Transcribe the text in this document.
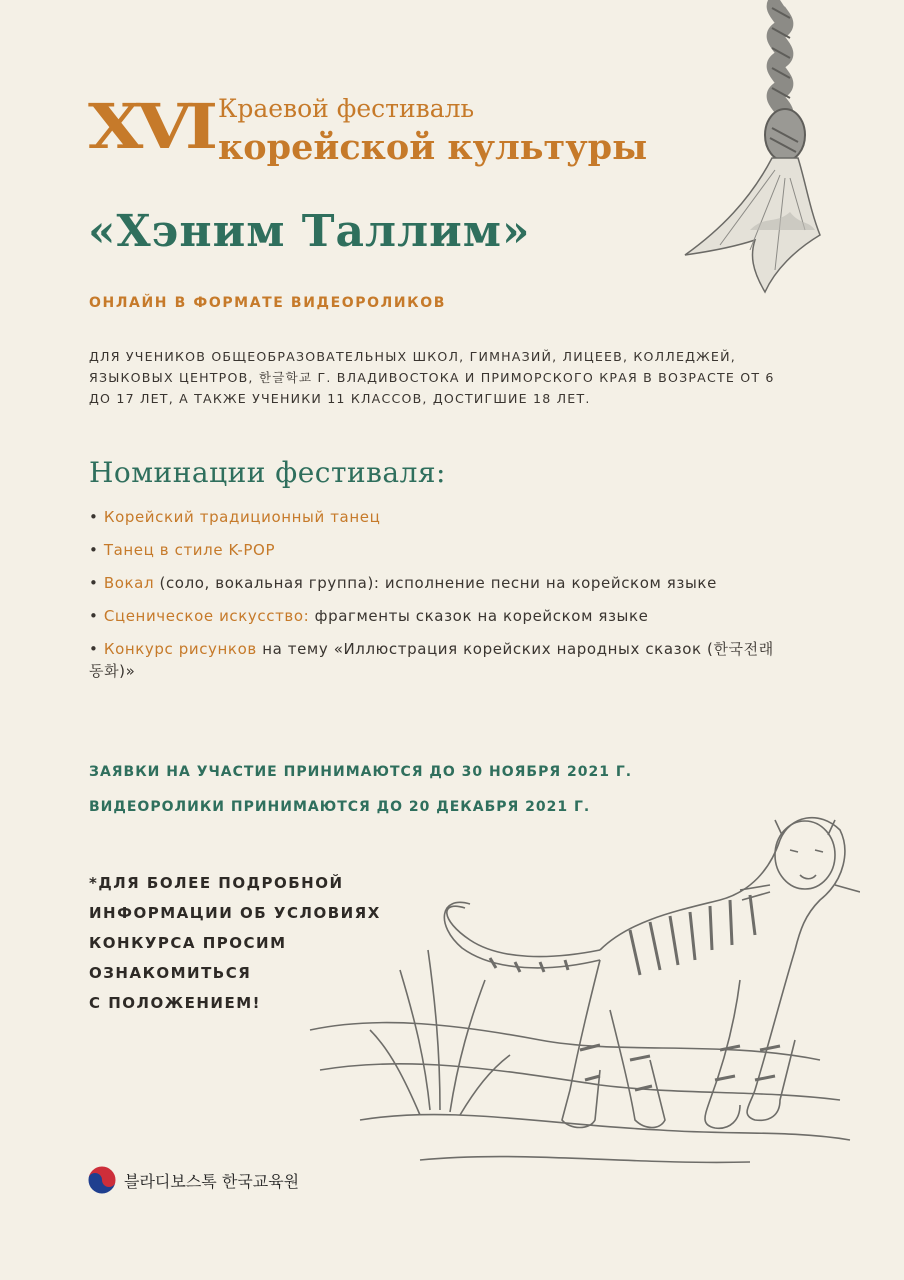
XVI Краевой фестиваль
корейской культуры
«Хэним Таллим»
ОНЛАЙН В ФОРМАТЕ ВИДЕОРОЛИКОВ
ДЛЯ УЧЕНИКОВ ОБЩЕОБРАЗОВАТЕЛЬНЫХ ШКОЛ, ГИМНАЗИЙ, ЛИЦЕЕВ, КОЛЛЕДЖЕЙ, ЯЗЫКОВЫХ ЦЕНТРОВ, 한글학교 Г. ВЛАДИВОСТОКА И ПРИМОРСКОГО КРАЯ В ВОЗРАСТЕ ОТ 6 ДО 17 ЛЕТ, А ТАКЖЕ УЧЕНИКИ 11 КЛАССОВ, ДОСТИГШИЕ 18 ЛЕТ.
Номинации фестиваля:
• Корейский традиционный танец
• Танец в стиле K-POP
• Вокал (соло, вокальная группа): исполнение песни на корейском языке
• Сценическое искусство: фрагменты сказок на корейском языке
• Конкурс рисунков на тему «Иллюстрация корейских народных сказок (한국전래동화)»
ЗАЯВКИ НА УЧАСТИЕ ПРИНИМАЮТСЯ ДО 30 НОЯБРЯ 2021 Г.
ВИДЕОРОЛИКИ ПРИНИМАЮТСЯ ДО 20 ДЕКАБРЯ 2021 Г.
*ДЛЯ БОЛЕЕ ПОДРОБНОЙ
ИНФОРМАЦИИ ОБ УСЛОВИЯХ
КОНКУРСА ПРОСИМ
ОЗНАКОМИТЬСЯ
С ПОЛОЖЕНИЕМ!
블라디보스톡 한국교육원
